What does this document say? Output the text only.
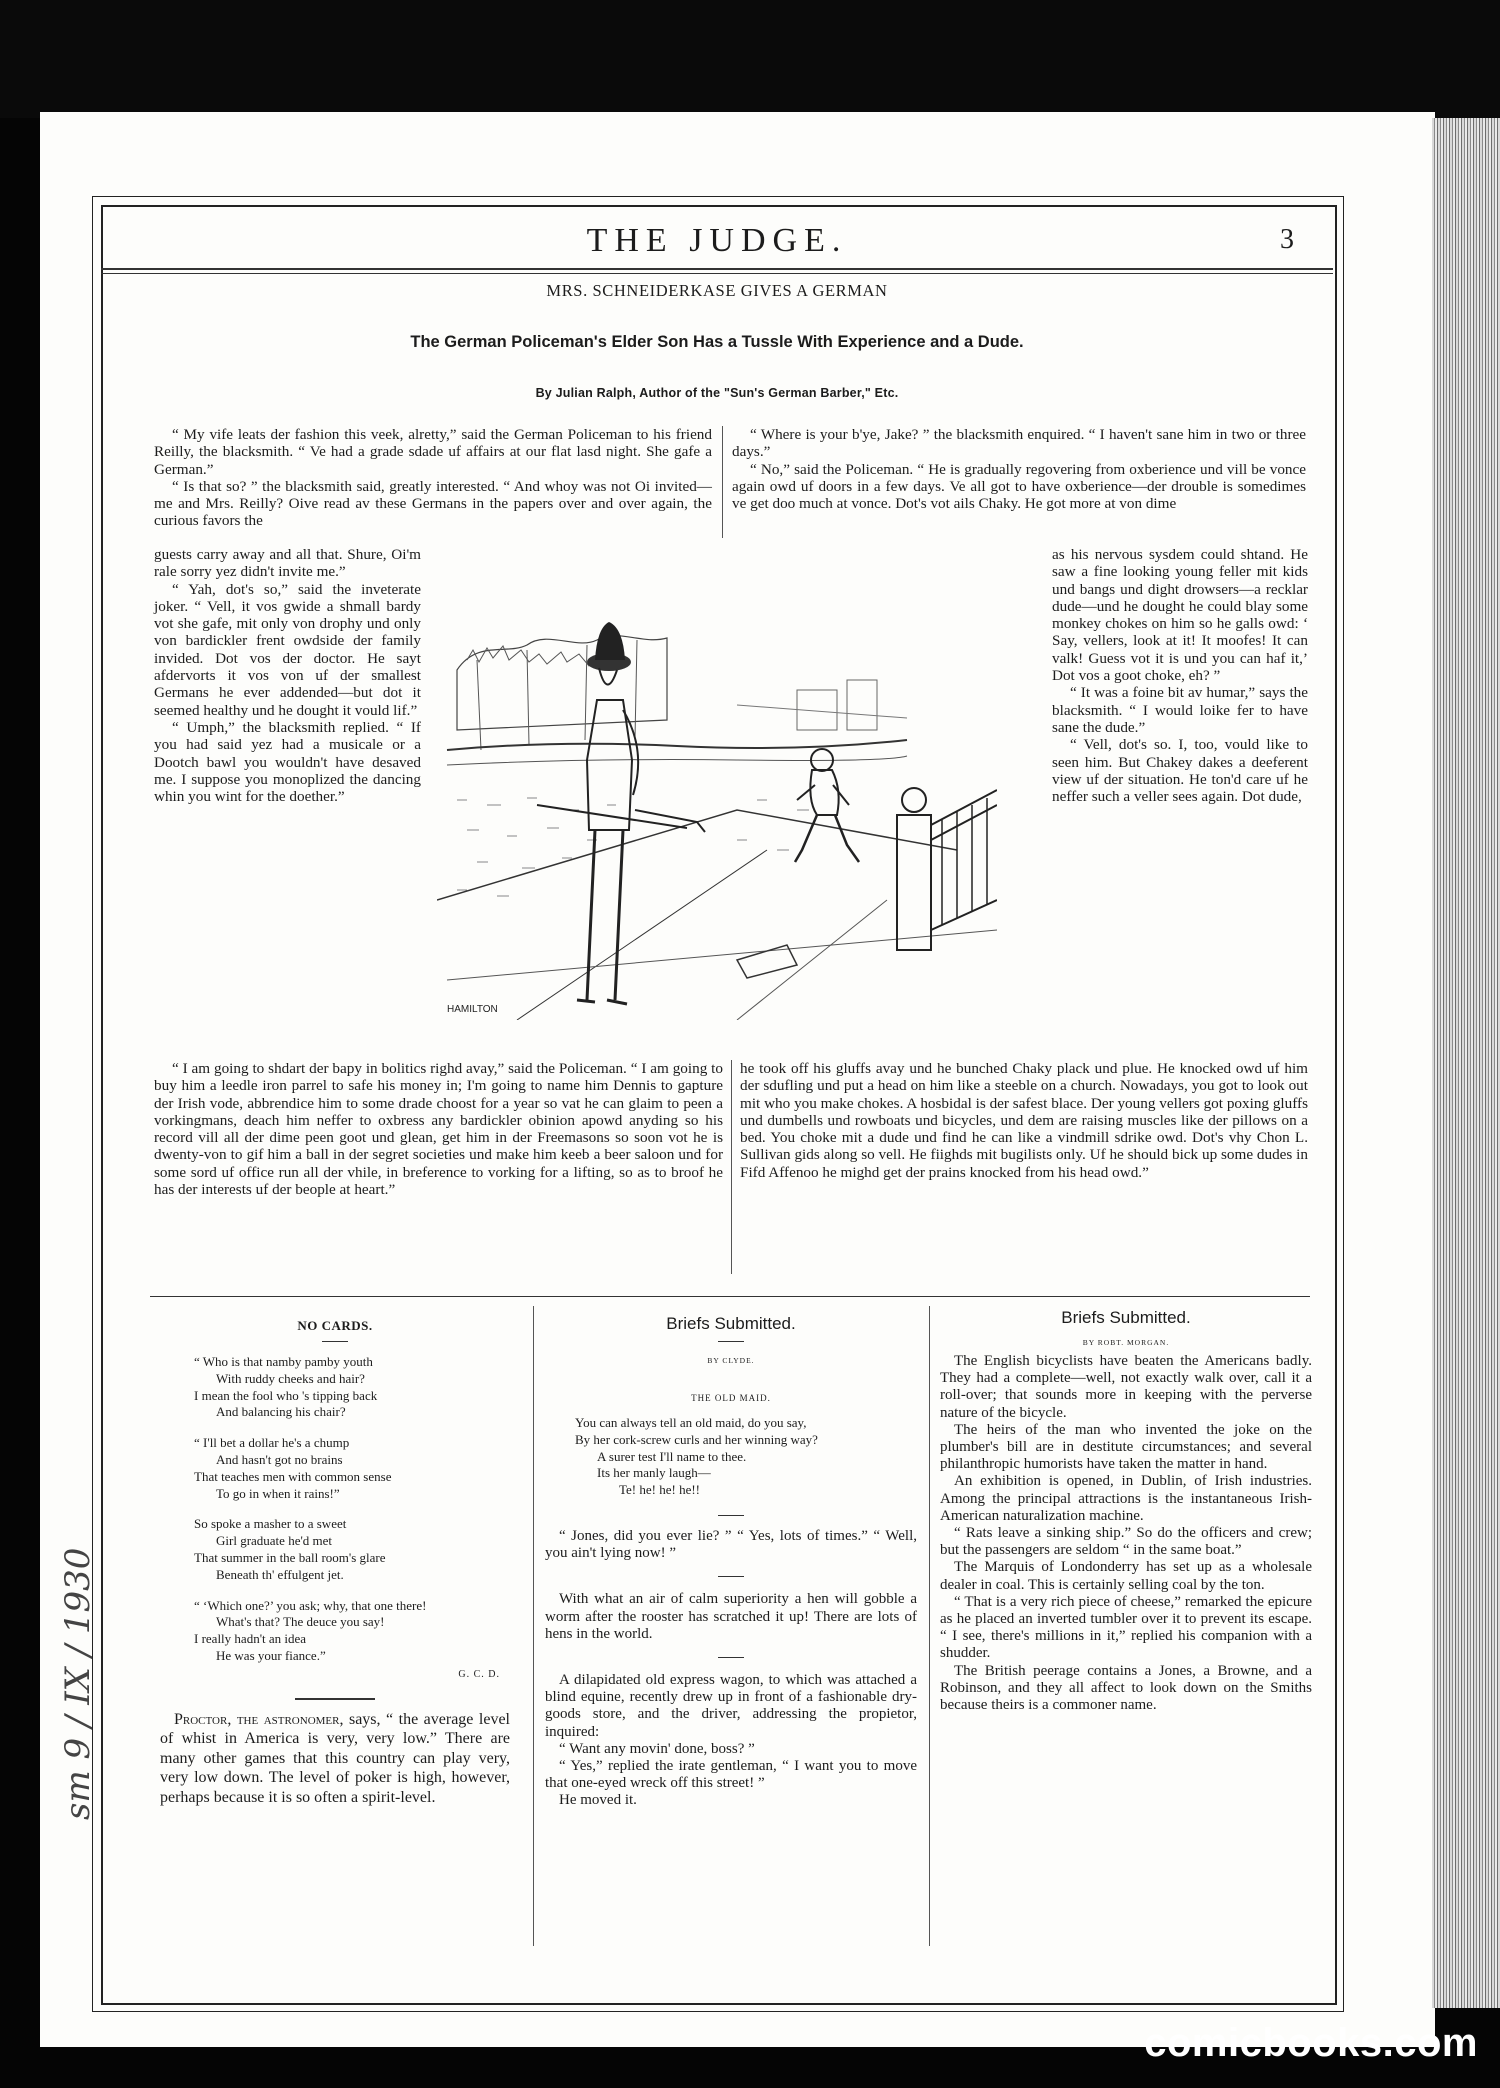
THE JUDGE.	3
MRS. SCHNEIDERKASE GIVES A GERMAN
The German Policeman's Elder Son Has a Tussle With Experience and a Dude.
By Julian Ralph, Author of the "Sun's German Barber," Etc.

“ My vife leats der fashion this veek, alretty,” said the German Policeman to his friend Reilly, the blacksmith. “ Ve had a grade sdade uf affairs at our flat lasd night. She gafe a German.”

“ Is that so? ” the blacksmith said, greatly interested. “ And whoy was not Oi invited—me and Mrs. Reilly? Oive read av these Germans in the papers over and over again, the curious favors the

“ Where is your b'ye, Jake? ” the blacksmith enquired. “ I haven't sane him in two or three days.”

“ No,” said the Policeman. “ He is gradually regovering from oxberience und vill be vonce again owd uf doors in a few days. Ve all got to have oxberience—der drouble is somedimes ve get doo much at vonce. Dot's vot ails Chaky. He got more at von dime

guests carry away and all that. Shure, Oi'm rale sorry yez didn't invite me.”

“ Yah, dot's so,” said the inveterate joker. “ Vell, it vos gwide a shmall bardy vot she gafe, mit only von drophy und only von bardickler frent owdside der family invided. Dot vos der doctor. He sayt afdervorts it vos von uf der smallest Germans he ever addended—but dot it seemed healthy und he dought it vould lif.”

“ Umph,” the blacksmith replied. “ If you had said yez had a musicale or a Dootch bawl you wouldn't have desaved me. I suppose you monoplized the dancing whin you wint for the doether.”

as his nervous sysdem could shtand. He saw a fine looking young feller mit kids und bangs und dight drowsers—a recklar dude—und he dought he could blay some monkey chokes on him so he galls owd: ‘ Say, vellers, look at it! It moofes! It can valk! Guess vot it is und you can haf it,’ Dot vos a goot choke, eh? ”

“ It was a foine bit av humar,” says the blacksmith. “ I would loike fer to have sane the dude.”

“ Vell, dot's so. I, too, vould like to seen him. But Chakey dakes a deeferent view uf der situation. He ton'd care uf he neffer such a veller sees again. Dot dude,

HAMILTON

“ I am going to shdart der bapy in bolitics righd avay,” said the Policeman. “ I am going to buy him a leedle iron parrel to safe his money in; I'm going to name him Dennis to gapture der Irish vode, abbrendice him to some drade choost for a year so vat he can glaim to peen a vorkingmans, deach him neffer to oxbress any bardickler obinion apowd anyding so his record vill all der dime peen goot und glean, get him in der Freemasons so soon vot he is dwenty-von to gif him a ball in der segret societies und make him keeb a beer saloon und for some sord uf office run all der vhile, in breference to vorking for a lifting, so as to broof he has der interests uf der beople at heart.”

he took off his gluffs avay und he bunched Chaky plack und plue. He knocked owd uf him der sdufling und put a head on him like a steeble on a church. Nowadays, you got to look out mit who you make chokes. A hosbidal is der safest blace. Der young vellers got poxing gluffs und dumbells und rowboats und bicycles, und dem are raising muscles like der pillows on a bed. You choke mit a dude und find he can like a vindmill sdrike owd. Dot's vhy Chon L. Sullivan gids along so vell. He fiighds mit bugilists only. Uf he should bick up some dudes in Fifd Affenoo he mighd get der prains knocked from his head owd.”

NO CARDS.
“ Who is that namby pamby youth
With ruddy cheeks and hair?
I mean the fool who 's tipping back
And balancing his chair?
“ I'll bet a dollar he's a chump
And hasn't got no brains
That teaches men with common sense
To go in when it rains!”
So spoke a masher to a sweet
Girl graduate he'd met
That summer in the ball room's glare
Beneath th' effulgent jet.
“ ‘Which one?’ you ask; why, that one there!
What's that? The deuce you say!
I really hadn't an idea
He was your fiance.”
G. C. D.
Proctor, the astronomer, says, “ the average level of whist in America is very, very low.” There are many other games that this country can play very, very low down. The level of poker is high, however, perhaps because it is so often a spirit-level.
Briefs Submitted.
BY CLYDE.
THE OLD MAID.
You can always tell an old maid, do you say,
By her cork-screw curls and her winning way?
A surer test I'll name to thee.
Its her manly laugh—
Te! he! he! he!!

“ Jones, did you ever lie? ” “ Yes, lots of times.” “ Well, you ain't lying now! ”

With what an air of calm superiority a hen will gobble a worm after the rooster has scratched it up! There are lots of hens in the world.

A dilapidated old express wagon, to which was attached a blind equine, recently drew up in front of a fashionable dry-goods store, and the driver, addressing the propietor, inquired:

“ Want any movin' done, boss? ”

“ Yes,” replied the irate gentleman, “ I want you to move that one-eyed wreck off this street! ”

He moved it.

Briefs Submitted.
BY ROBT. MORGAN.

The English bicyclists have beaten the Americans badly. They had a complete—well, not exactly walk over, call it a roll-over; that sounds more in keeping with the perverse nature of the bicycle.

The heirs of the man who invented the joke on the plumber's bill are in destitute circumstances; and several philanthropic humorists have taken the matter in hand.

An exhibition is opened, in Dublin, of Irish industries. Among the principal attractions is the instantaneous Irish-American naturalization machine.

“ Rats leave a sinking ship.” So do the officers and crew; but the passengers are seldom “ in the same boat.”

The Marquis of Londonderry has set up as a wholesale dealer in coal. This is certainly selling coal by the ton.

“ That is a very rich piece of cheese,” remarked the epicure as he placed an inverted tumbler over it to prevent its escape. “ I see, there's millions in it,” replied his companion with a shudder.

The British peerage contains a Jones, a Browne, and a Robinson, and they all affect to look down on the Smiths because theirs is a commoner name.

sm 9 / IX / 1930
comicbooks.com
